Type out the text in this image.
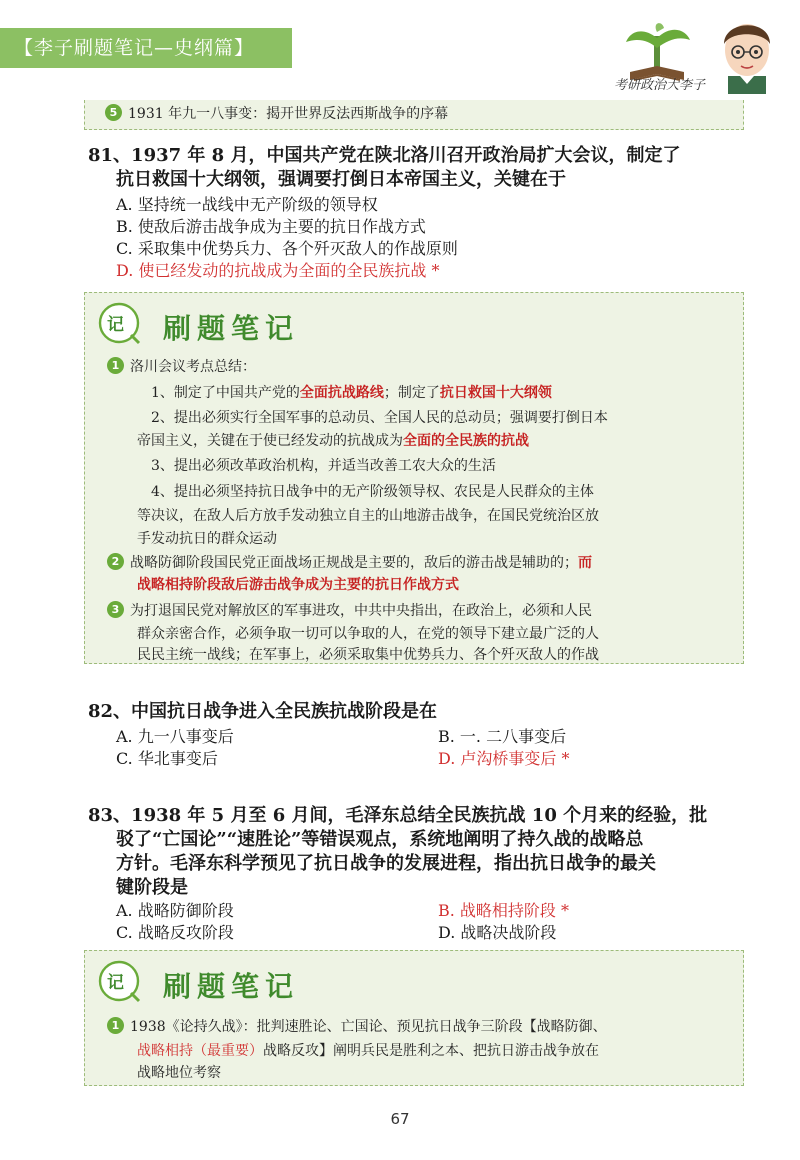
【李子刷题笔记—史纲篇】
考研政治大李子
5 1931 年九一八事变：揭开世界反法西斯战争的序幕
81、1937 年 8 月，中国共产党在陕北洛川召开政治局扩大会议，制定了
抗日救国十大纲领，强调要打倒日本帝国主义，关键在于
A. 坚持统一战线中无产阶级的领导权
B. 使敌后游击战争成为主要的抗日作战方式
C. 采取集中优势兵力、各个歼灭敌人的作战原则
D. 使已经发动的抗战成为全面的全民族抗战 *
记 刷题笔记
1 洛川会议考点总结：
1、制定了中国共产党的全面抗战路线；制定了抗日救国十大纲领
2、提出必须实行全国军事的总动员、全国人民的总动员；强调要打倒日本
帝国主义，关键在于使已经发动的抗战成为全面的全民族的抗战
3、提出必须改革政治机构，并适当改善工农大众的生活
4、提出必须坚持抗日战争中的无产阶级领导权、农民是人民群众的主体
等决议，在敌人后方放手发动独立自主的山地游击战争，在国民党统治区放
手发动抗日的群众运动
2 战略防御阶段国民党正面战场正规战是主要的，敌后的游击战是辅助的；而
战略相持阶段敌后游击战争成为主要的抗日作战方式
3 为打退国民党对解放区的军事进攻，中共中央指出，在政治上，必须和人民
群众亲密合作，必须争取一切可以争取的人，在党的领导下建立最广泛的人
民民主统一战线；在军事上，必须采取集中优势兵力、各个歼灭敌人的作战
82、中国抗日战争进入全民族抗战阶段是在
A. 九一八事变后	B. 一. 二八事变后
C. 华北事变后	D. 卢沟桥事变后 *
83、1938 年 5 月至 6 月间，毛泽东总结全民族抗战 10 个月来的经验，批
驳了“亡国论”“速胜论”等错误观点，系统地阐明了持久战的战略总
方针。毛泽东科学预见了抗日战争的发展进程，指出抗日战争的最关
键阶段是
A. 战略防御阶段	B. 战略相持阶段 *
C. 战略反攻阶段	D. 战略决战阶段
记 刷题笔记
1 1938《论持久战》：批判速胜论、亡国论、预见抗日战争三阶段【战略防御、
战略相持（最重要）战略反攻】阐明兵民是胜利之本、把抗日游击战争放在
战略地位考察
67
